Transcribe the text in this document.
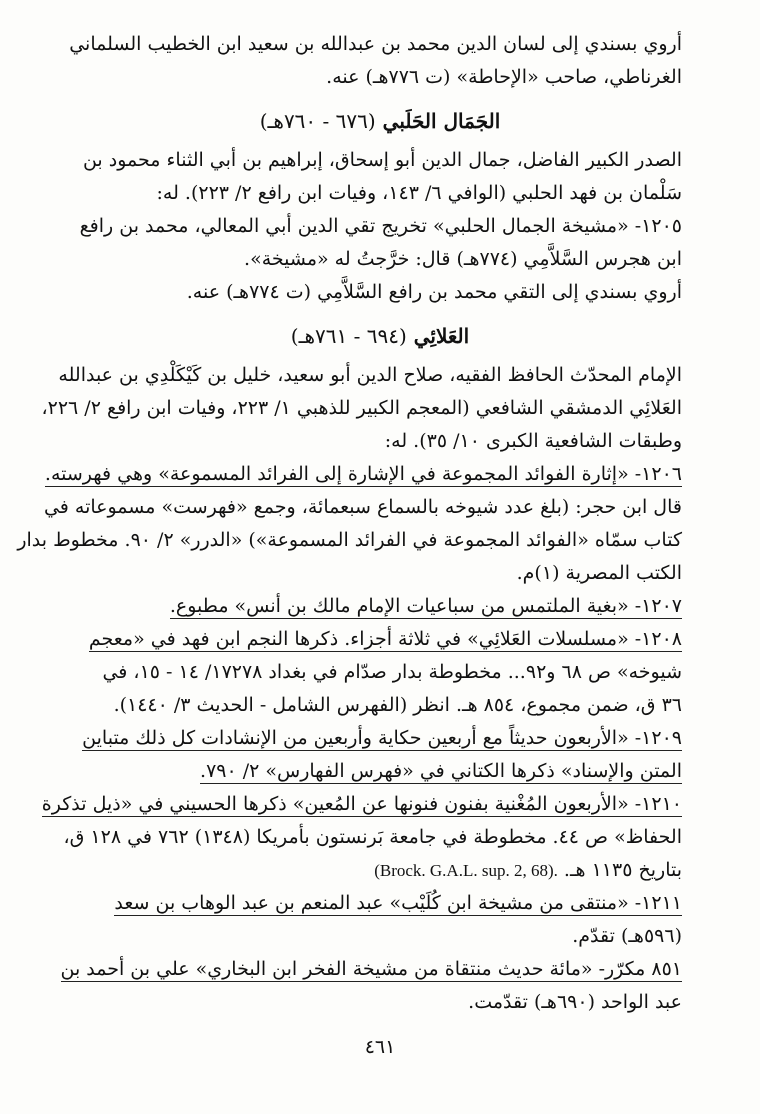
أروي بسندي إلى لسان الدين محمد بن عبدالله بن سعيد ابن الخطيب السلماني
الغرناطي، صاحب «الإحاطة» (ت ٧٧٦هـ) عنه.
الجَمَال الحَلَبي (٦٧٦ - ٧٦٠هـ)
الصدر الكبير الفاضل، جمال الدين أبو إسحاق، إبراهيم بن أبي الثناء محمود بن
سَلْمان بن فهد الحلبي (الوافي ٦/ ١٤٣، وفيات ابن رافع ٢/ ٢٢٣). له:
١٢٠٥- «مشيخة الجمال الحلبي» تخريج تقي الدين أبي المعالي، محمد بن رافع
ابن هجرس السَّلاَّمِي (٧٧٤هـ) قال: خرَّجتُ له «مشيخة».
أروي بسندي إلى التقي محمد بن رافع السَّلاَّمِي (ت ٧٧٤هـ) عنه.
العَلائِي (٦٩٤ - ٧٦١هـ)
الإمام المحدّث الحافظ الفقيه، صلاح الدين أبو سعيد، خليل بن كَيْكَلْدِي بن عبدالله
العَلائِي الدمشقي الشافعي (المعجم الكبير للذهبي ١/ ٢٢٣، وفيات ابن رافع ٢/ ٢٢٦،
وطبقات الشافعية الكبرى ١٠/ ٣٥). له:
١٢٠٦- «إثارة الفوائد المجموعة في الإشارة إلى الفرائد المسموعة» وهي فهرسته.
قال ابن حجر: (بلغ عدد شيوخه بالسماع سبعمائة، وجمع «فهرست» مسموعاته في
كتاب سمّاه «الفوائد المجموعة في الفرائد المسموعة») «الدرر» ٢/ ٩٠. مخطوط بدار
الكتب المصرية (١)م.
١٢٠٧- «بغية الملتمس من سباعيات الإمام مالك بن أنس» مطبوع.
١٢٠٨- «مسلسلات العَلائِي» في ثلاثة أجزاء. ذكرها النجم ابن فهد في «معجم
شيوخه» ص ٦٨ و٩٢... مخطوطة بدار صدّام في بغداد ١٧٢٧٨/ ١٤ - ١٥، في
٣٦ ق، ضمن مجموع، ٨٥٤ هـ. انظر (الفهرس الشامل - الحديث ٣/ ١٤٤٠).
١٢٠٩- «الأربعون حديثاً مع أربعين حكاية وأربعين من الإنشادات كل ذلك متباين
المتن والإسناد» ذكرها الكتاني في «فهرس الفهارس» ٢/ ٧٩٠.
١٢١٠- «الأربعون المُغْنية بفنون فنونها عن المُعين» ذكرها الحسيني في «ذيل تذكرة
الحفاظ» ص ٤٤. مخطوطة في جامعة بَرنستون بأمريكا (١٣٤٨) ٧٦٢ في ١٢٨ ق،
بتاريخ ١١٣٥ هـ. (Brock. G.A.L. sup. 2, 68).
١٢١١- «منتقى من مشيخة ابن كُلَيْب» عبد المنعم بن عبد الوهاب بن سعد
(٥٩٦هـ) تقدّم.
٨٥١ مكرّر- «مائة حديث منتقاة من مشيخة الفخر ابن البخاري» علي بن أحمد بن
عبد الواحد (٦٩٠هـ) تقدّمت.
٤٦١
